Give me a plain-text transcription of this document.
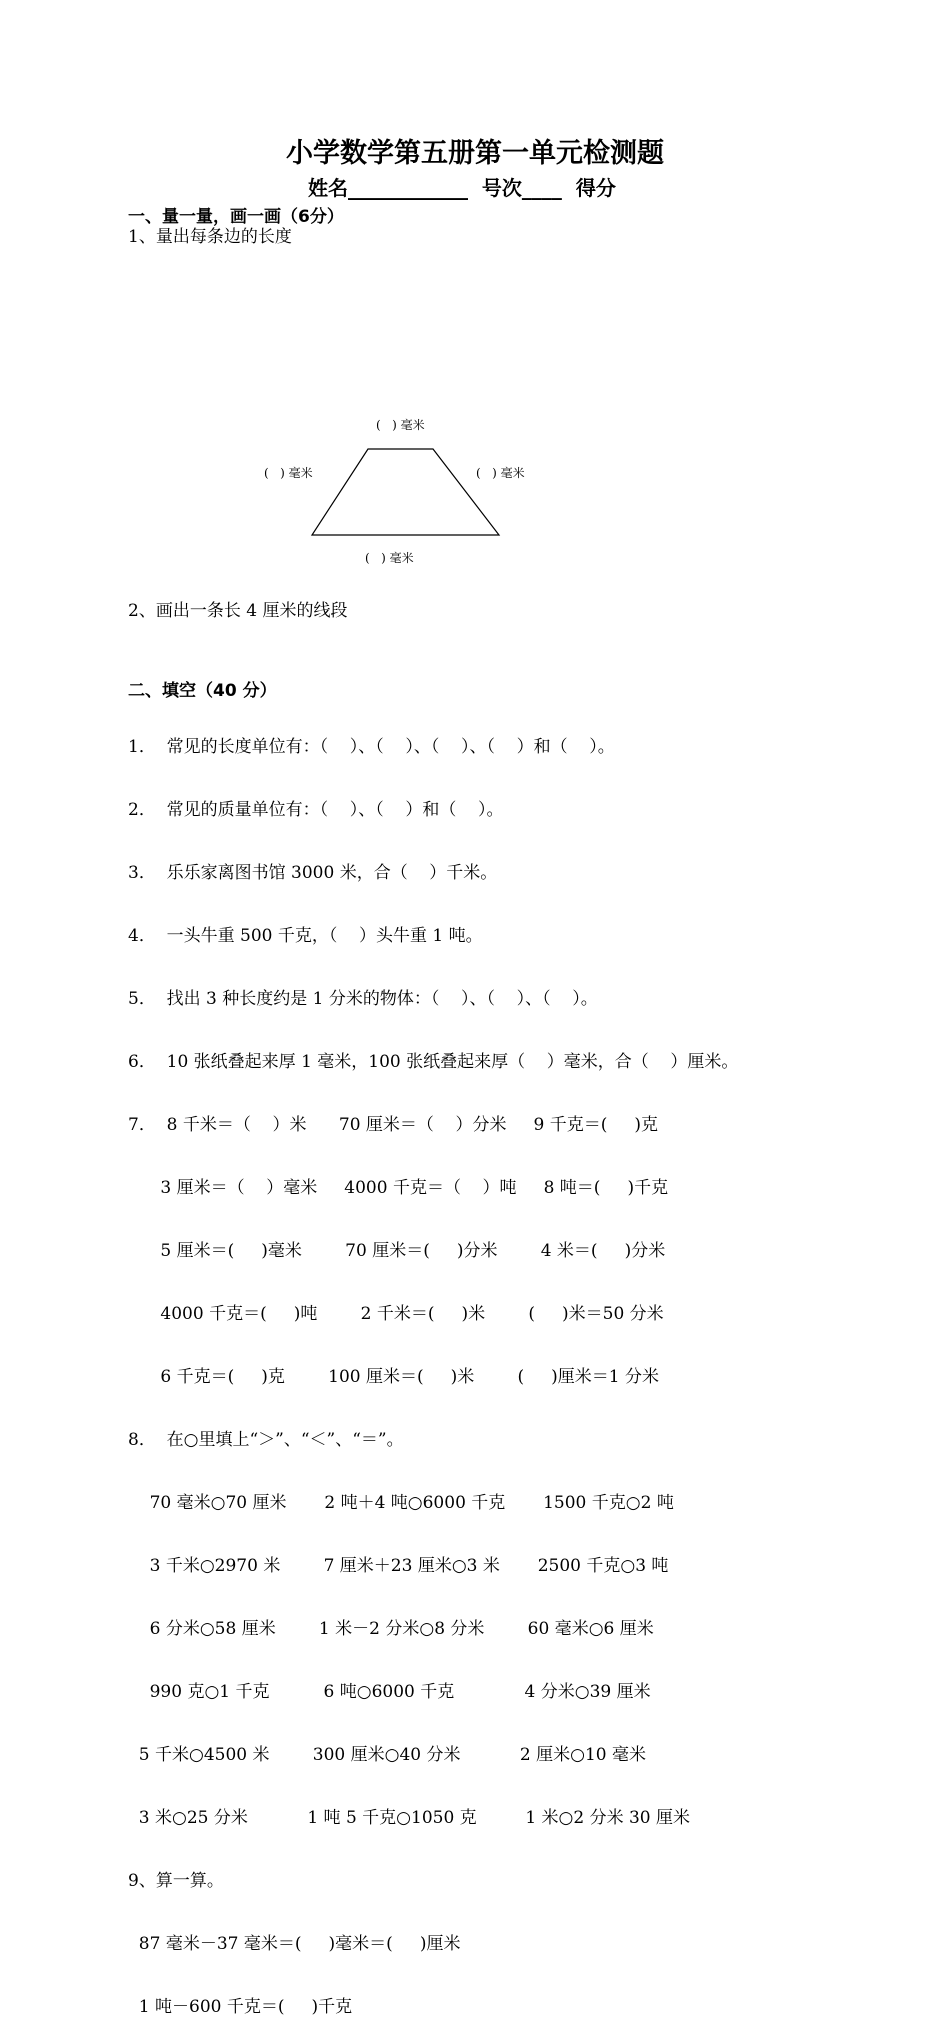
小学数学第五册第一单元检测题
姓名____________  号次____  得分
一、量一量，画一画（6分）
1、量出每条边的长度
(   ) 毫米
(   ) 毫米	(   ) 毫米
(   ) 毫米
2、画出一条长 4 厘米的线段
二、填空（40 分）

1．  常见的长度单位有：（    ）、（    ）、（    ）、（    ）和（    ）。

2．  常见的质量单位有：（    ）、（    ）和（    ）。

3．  乐乐家离图书馆 3000 米，合（    ）千米。

4．  一头牛重 500 千克，（    ）头牛重 1 吨。

5．  找出 3 种长度约是 1 分米的物体：（    ）、（    ）、（    ）。

6．  10 张纸叠起来厚 1 毫米，100 张纸叠起来厚（    ）毫米，合（    ）厘米。

7．  8 千米＝（    ）米      70 厘米＝（    ）分米     9 千克＝(     )克

3 厘米＝（    ）毫米     4000 千克＝（    ）吨     8 吨＝(     )千克

5 厘米＝(     )毫米        70 厘米＝(     )分米        4 米＝(     )分米

4000 千克＝(     )吨        2 千米＝(     )米        (     )米＝50 分米

6 千克＝(     )克        100 厘米＝(     )米        (     )厘米＝1 分米

8．  在○里填上“＞”、“＜”、“＝”。

70 毫米○70 厘米       2 吨＋4 吨○6000 千克       1500 千克○2 吨

3 千米○2970 米        7 厘米＋23 厘米○3 米       2500 千克○3 吨

6 分米○58 厘米        1 米－2 分米○8 分米        60 毫米○6 厘米

990 克○1 千克          6 吨○6000 千克             4 分米○39 厘米

5 千米○4500 米        300 厘米○40 分米           2 厘米○10 毫米

3 米○25 分米           1 吨 5 千克○1050 克         1 米○2 分米 30 厘米

9、算一算。

87 毫米－37 毫米＝(     )毫米＝(     )厘米

1 吨－600 千克＝(     )千克
